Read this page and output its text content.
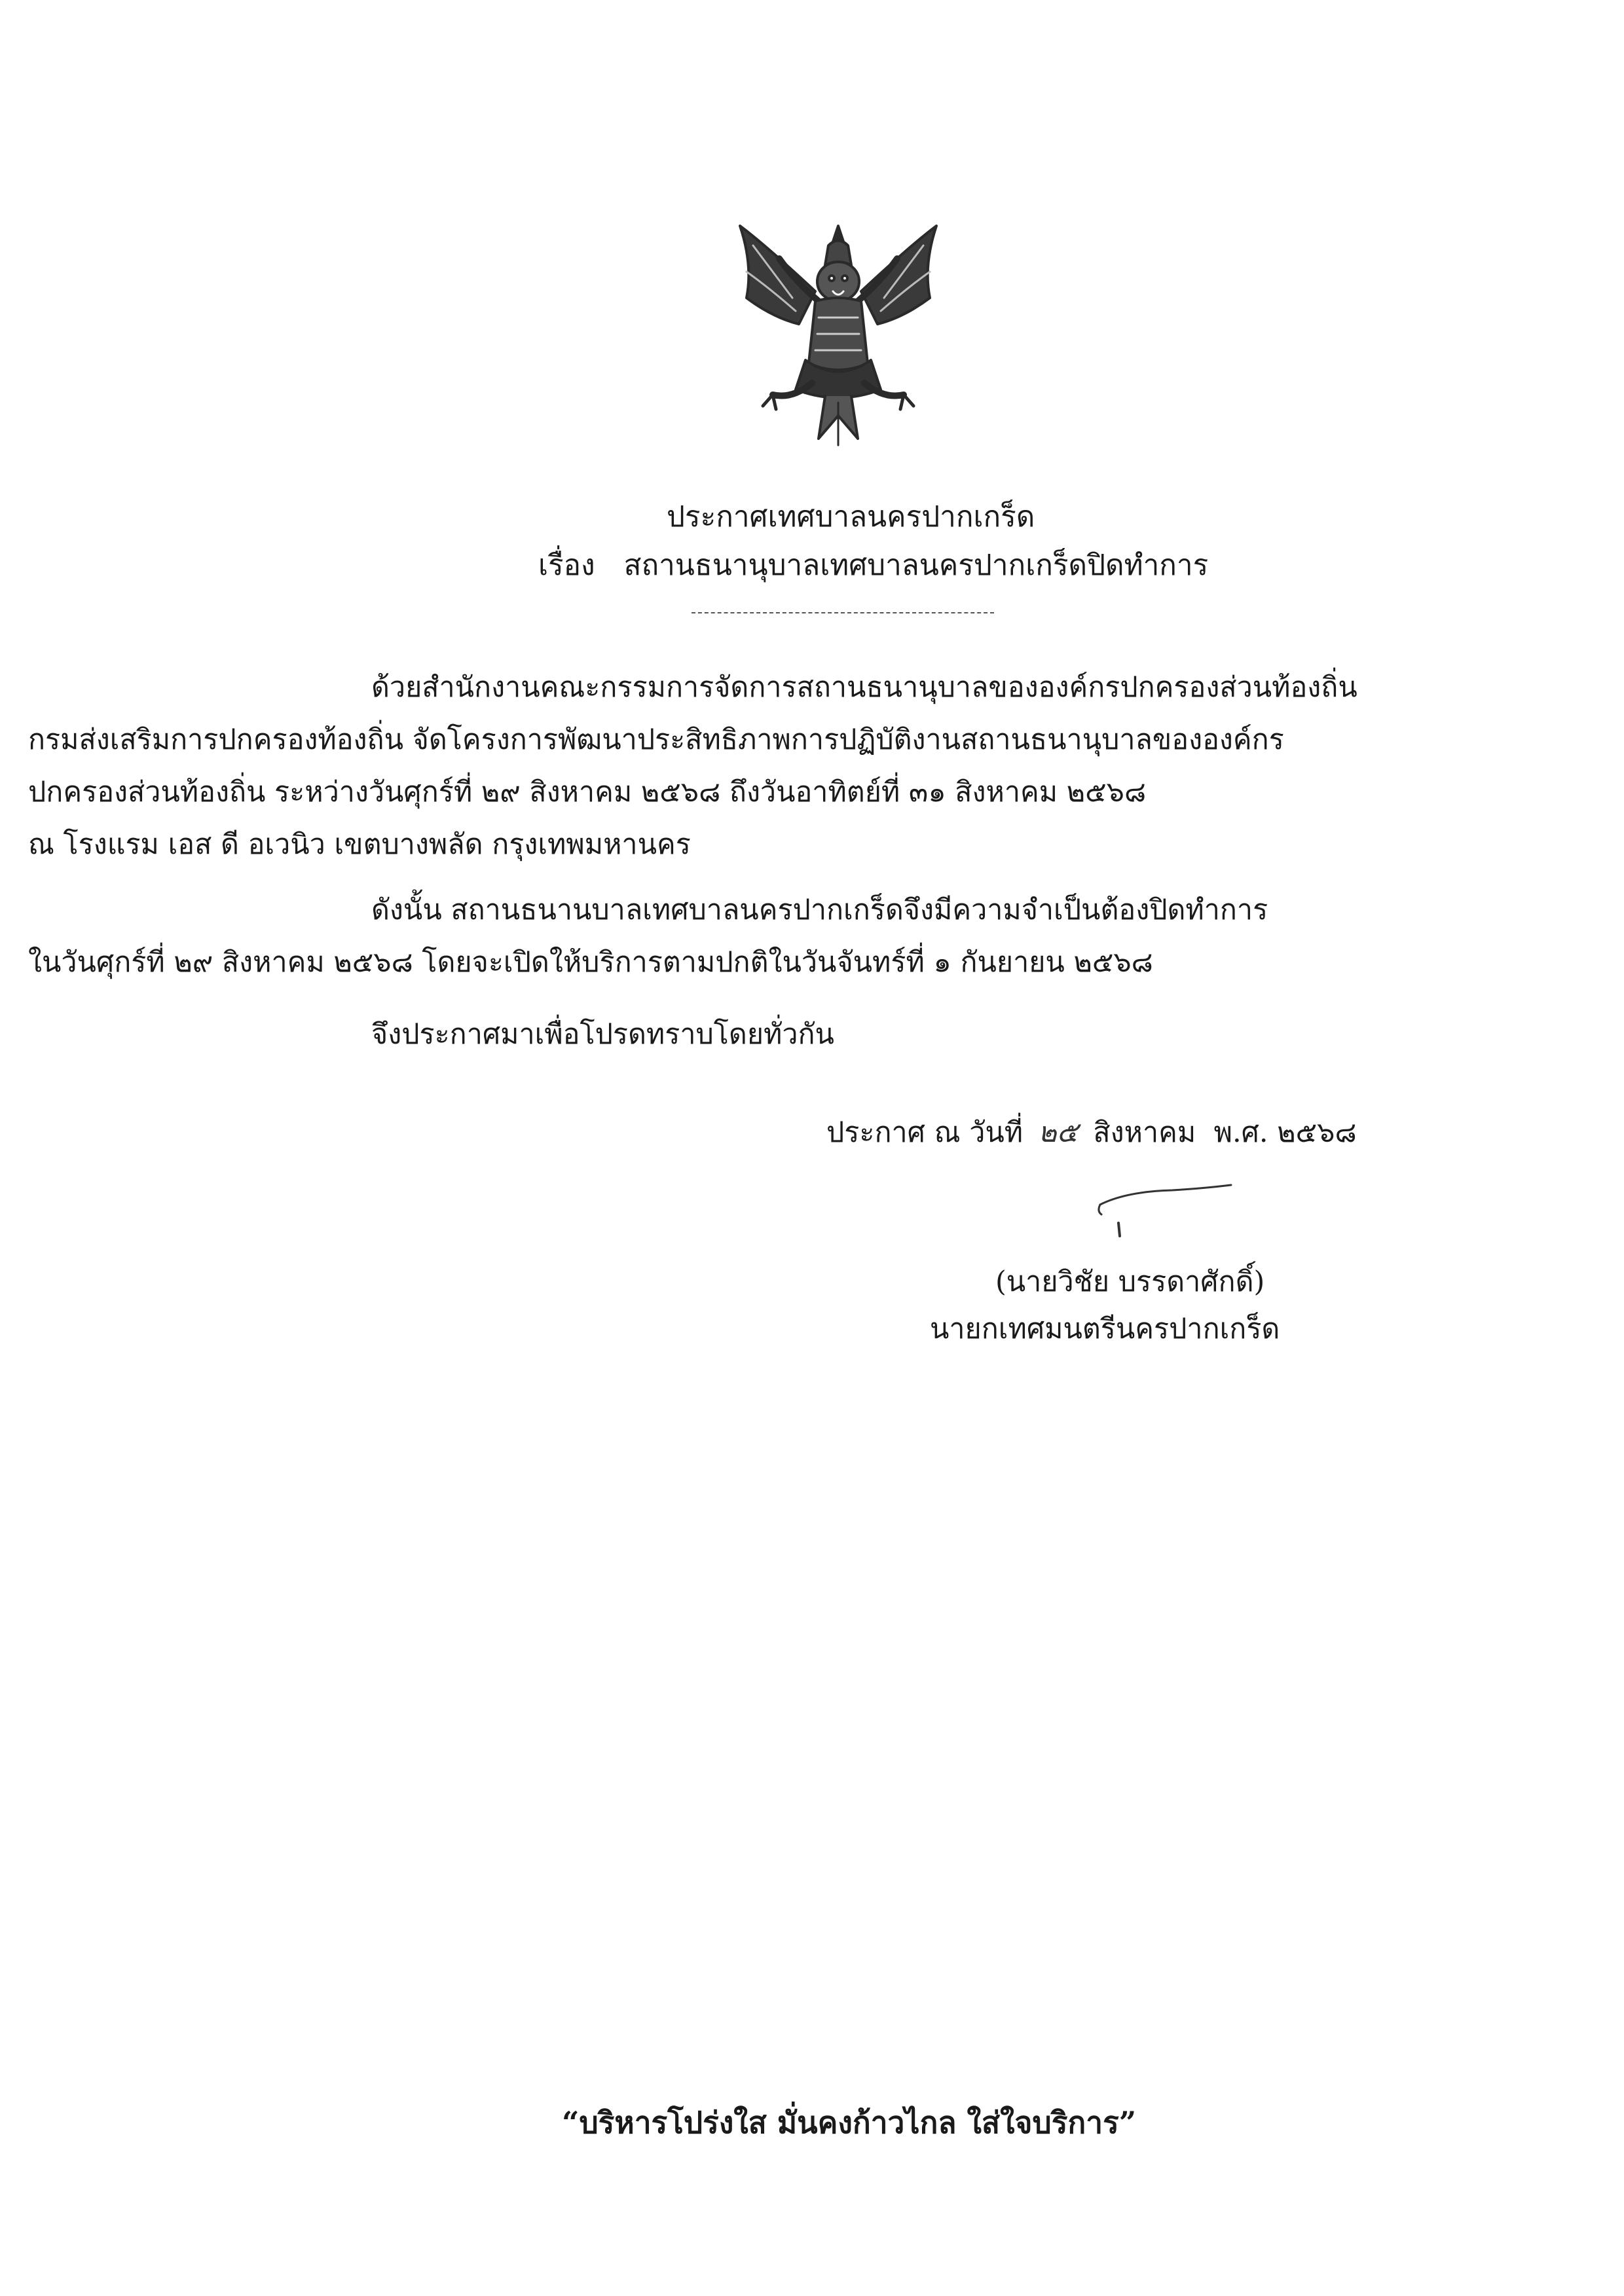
ประกาศเทศบาลนครปากเกร็ด
เรื่อง สถานธนานุบาลเทศบาลนครปากเกร็ดปิดทำการ
ด้วยสำนักงานคณะกรรมการจัดการสถานธนานุบาลขององค์กรปกครองส่วนท้องถิ่น
กรมส่งเสริมการปกครองท้องถิ่น จัดโครงการพัฒนาประสิทธิภาพการปฏิบัติงานสถานธนานุบาลขององค์กร
ปกครองส่วนท้องถิ่น ระหว่างวันศุกร์ที่ ๒๙ สิงหาคม ๒๕๖๘ ถึงวันอาทิตย์ที่ ๓๑ สิงหาคม ๒๕๖๘
ณ โรงแรม เอส ดี อเวนิว เขตบางพลัด กรุงเทพมหานคร
ดังนั้น สถานธนานบาลเทศบาลนครปากเกร็ดจึงมีความจำเป็นต้องปิดทำการ
ในวันศุกร์ที่ ๒๙ สิงหาคม ๒๕๖๘ โดยจะเปิดให้บริการตามปกติในวันจันทร์ที่ ๑ กันยายน ๒๕๖๘
จึงประกาศมาเพื่อโปรดทราบโดยทั่วกัน
ประกาศ ณ วันที่ ๒๕ สิงหาคม พ.ศ. ๒๕๖๘
(นายวิชัย บรรดาศักดิ์)
นายกเทศมนตรีนครปากเกร็ด
“บริหารโปร่งใส มั่นคงก้าวไกล ใส่ใจบริการ”
